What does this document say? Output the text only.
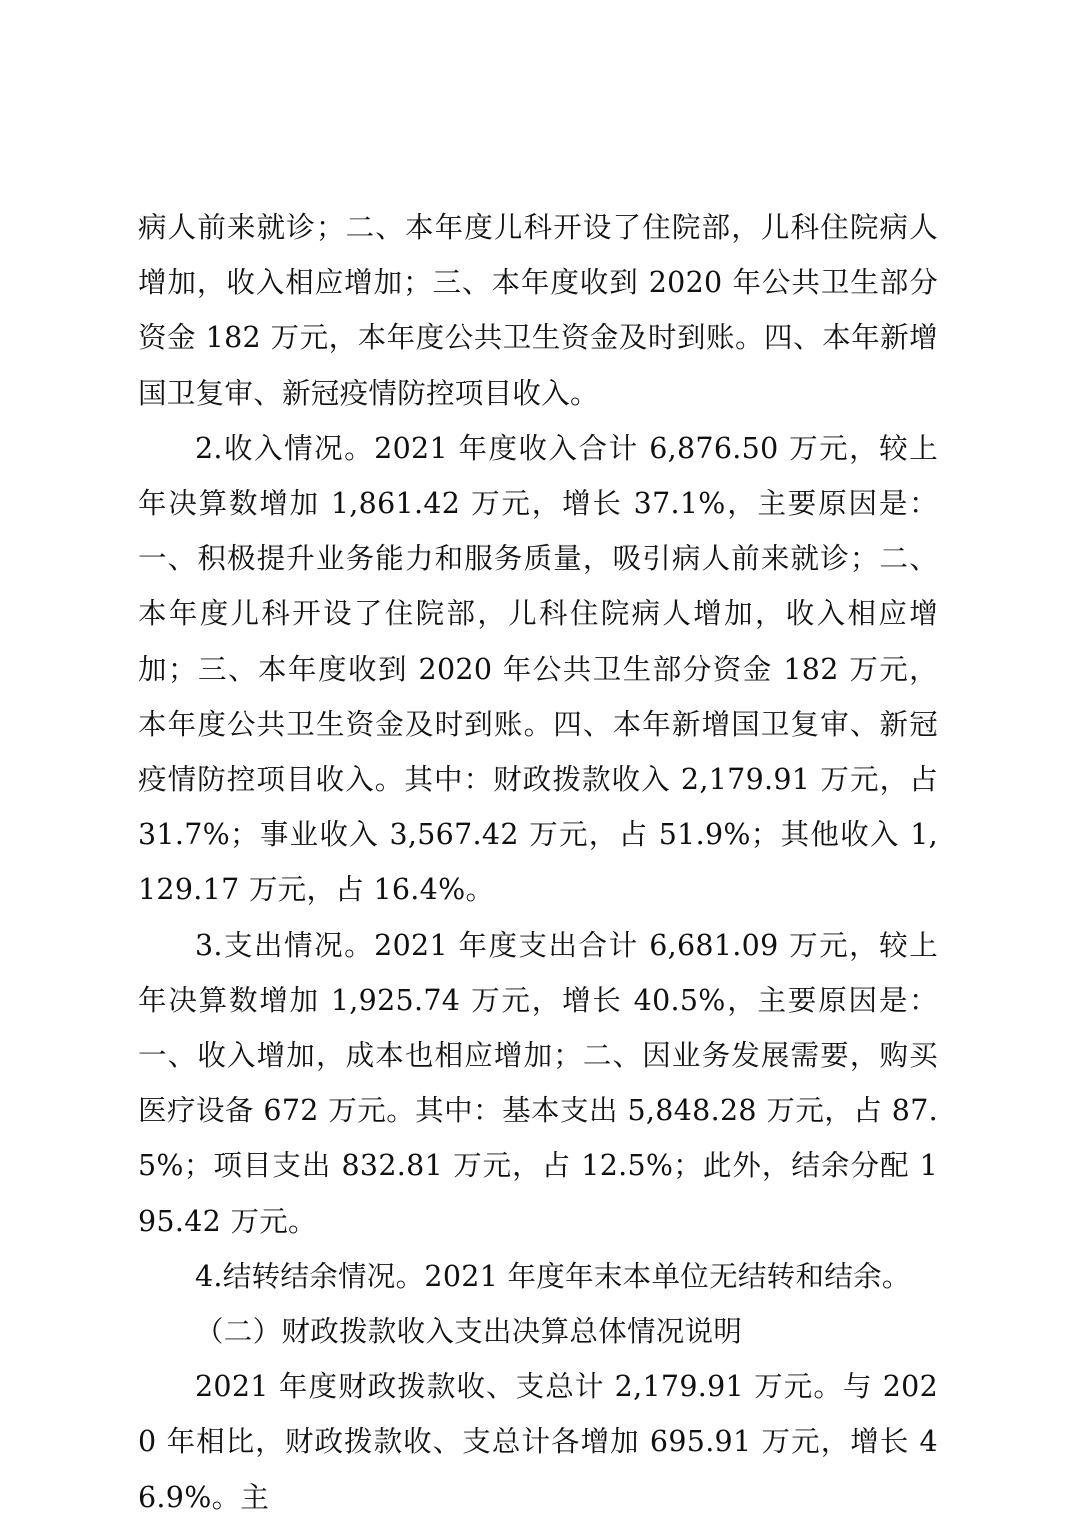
病人前来就诊；二、本年度儿科开设了住院部，儿科住院病人增加，收入相应增加；三、本年度收到 2020 年公共卫生部分资金 182 万元，本年度公共卫生资金及时到账。四、本年新增国卫复审、新冠疫情防控项目收入。

2.收入情况。2021 年度收入合计 6,876.50 万元，较上年决算数增加 1,861.42 万元，增长 37.1%，主要原因是：一、积极提升业务能力和服务质量，吸引病人前来就诊；二、本年度儿科开设了住院部，儿科住院病人增加，收入相应增加；三、本年度收到 2020 年公共卫生部分资金 182 万元，本年度公共卫生资金及时到账。四、本年新增国卫复审、新冠疫情防控项目收入。其中：财政拨款收入 2,179.91 万元，占 31.7%；事业收入 3,567.42 万元，占 51.9%；其他收入 1,129.17 万元，占 16.4%。

3.支出情况。2021 年度支出合计 6,681.09 万元，较上年决算数增加 1,925.74 万元，增长 40.5%，主要原因是：一、收入增加，成本也相应增加；二、因业务发展需要，购买医疗设备 672 万元。其中：基本支出 5,848.28 万元，占 87.5%；项目支出 832.81 万元，占 12.5%；此外，结余分配 195.42 万元。

4.结转结余情况。2021 年度年末本单位无结转和结余。

（二）财政拨款收入支出决算总体情况说明

2021 年度财政拨款收、支总计 2,179.91 万元。与 2020 年相比，财政拨款收、支总计各增加 695.91 万元，增长 46.9%。主
